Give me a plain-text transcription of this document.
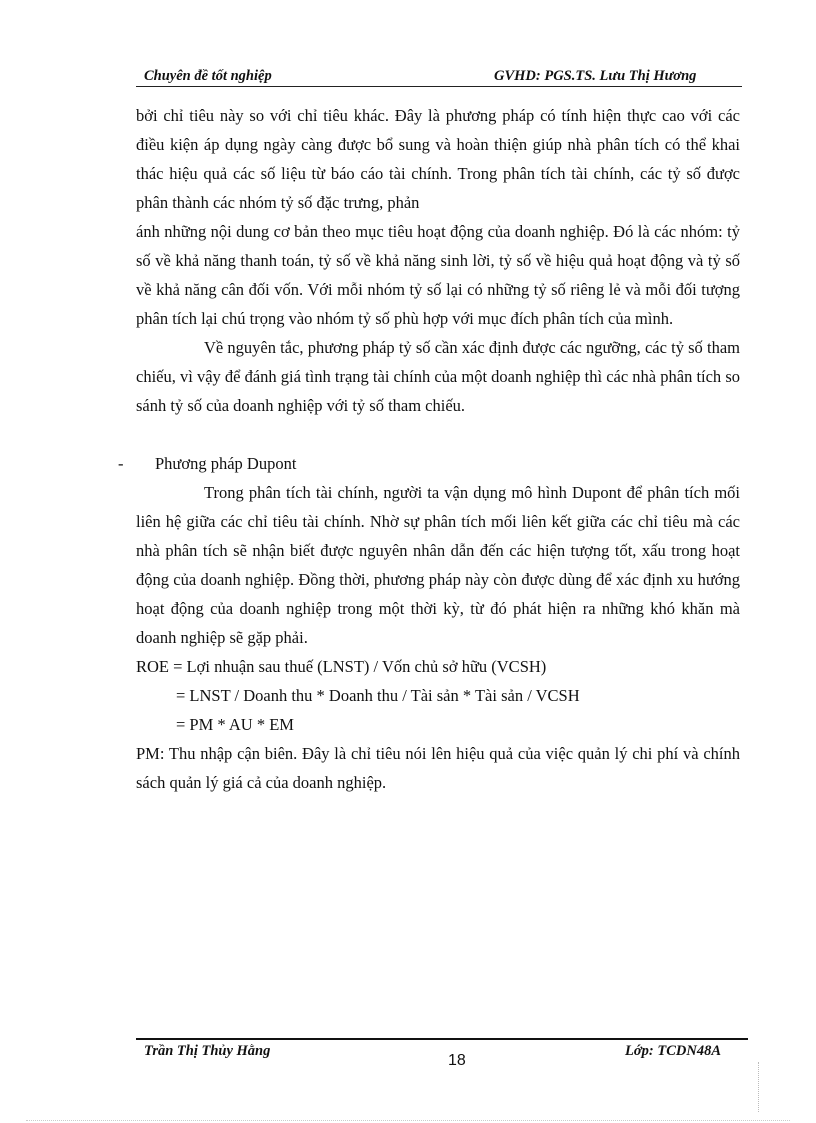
Chuyên đề tốt nghiệp	GVHD: PGS.TS. Lưu Thị Hương

bởi chỉ tiêu này so với chỉ tiêu khác. Đây là phương pháp có tính hiện thực cao với các điều kiện áp dụng ngày càng được bổ sung và hoàn thiện giúp nhà phân tích có thể khai thác hiệu quả các số liệu từ báo cáo tài chính. Trong phân tích tài chính, các tỷ số được phân thành các nhóm tỷ số đặc trưng, phản

ánh những nội dung cơ bản theo mục tiêu hoạt động của doanh nghiệp. Đó là các nhóm: tỷ số về khả năng thanh toán, tỷ số về khả năng sinh lời, tỷ số về hiệu quả hoạt động và tỷ số về khả năng cân đối vốn. Với mỗi nhóm tỷ số lại có những tỷ số riêng lẻ và mỗi đối tượng phân tích lại chú trọng vào nhóm tỷ số phù hợp với mục đích phân tích của mình.

Về nguyên tắc, phương pháp tỷ số cần xác định được các ngưỡng, các tỷ số tham chiếu, vì vậy để đánh giá tình trạng tài chính của một doanh nghiệp thì các nhà phân tích so sánh tỷ số của doanh nghiệp với tỷ số tham chiếu.

- Phương pháp Dupont

Trong phân tích tài chính, người ta vận dụng mô hình Dupont để phân tích mối liên hệ giữa các chỉ tiêu tài chính. Nhờ sự phân tích mối liên kết giữa các chỉ tiêu mà các nhà phân tích sẽ nhận biết được nguyên nhân dẫn đến các hiện tượng tốt, xấu trong hoạt động của doanh nghiệp. Đồng thời, phương pháp này còn được dùng để xác định xu hướng hoạt động của doanh nghiệp trong một thời kỳ, từ đó phát hiện ra những khó khăn mà doanh nghiệp sẽ gặp phải.

ROE = Lợi nhuận sau thuế (LNST) / Vốn chủ sở hữu (VCSH)

= LNST / Doanh thu * Doanh thu / Tài sản * Tài sản / VCSH

= PM * AU * EM

PM: Thu nhập cận biên. Đây là chỉ tiêu nói lên hiệu quả của việc quản lý chi phí và chính sách quản lý giá cả của doanh nghiệp.

Trần Thị Thủy Hằng
18
Lớp: TCDN48A
